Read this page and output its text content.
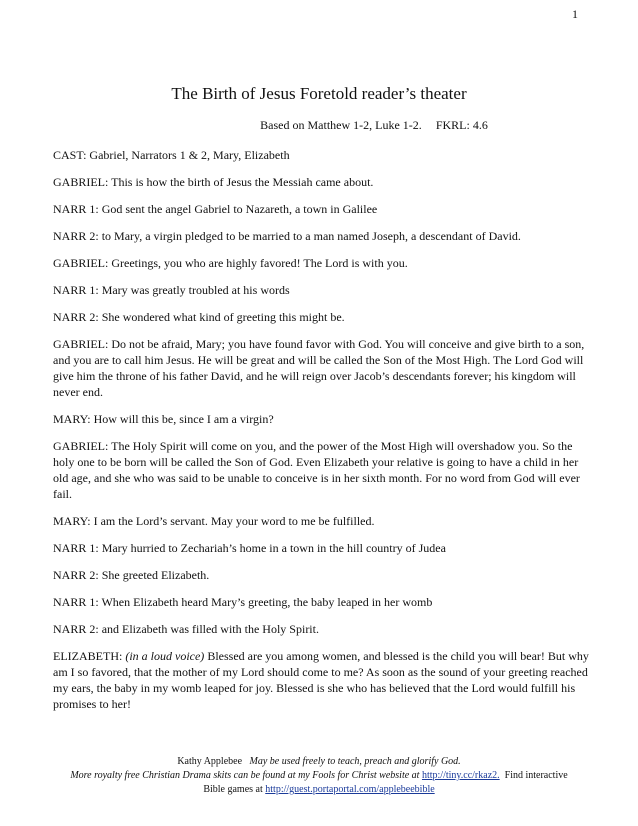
1
The Birth of Jesus Foretold reader’s theater
Based on Matthew 1-2, Luke 1-2. FKRL: 4.6

CAST: Gabriel, Narrators 1 & 2, Mary, Elizabeth

GABRIEL: This is how the birth of Jesus the Messiah came about.

NARR 1: God sent the angel Gabriel to Nazareth, a town in Galilee

NARR 2: to Mary, a virgin pledged to be married to a man named Joseph, a descendant of David.

GABRIEL: Greetings, you who are highly favored! The Lord is with you.

NARR 1: Mary was greatly troubled at his words

NARR 2: She wondered what kind of greeting this might be.

GABRIEL: Do not be afraid, Mary; you have found favor with God. You will conceive and give birth to a son, and you are to call him Jesus. He will be great and will be called the Son of the Most High. The Lord God will give him the throne of his father David, and he will reign over Jacob’s descendants forever; his kingdom will never end.

MARY: How will this be, since I am a virgin?

GABRIEL: The Holy Spirit will come on you, and the power of the Most High will overshadow you. So the holy one to be born will be called the Son of God. Even Elizabeth your relative is going to have a child in her old age, and she who was said to be unable to conceive is in her sixth month. For no word from God will ever fail.

MARY: I am the Lord’s servant. May your word to me be fulfilled.

NARR 1: Mary hurried to Zechariah’s home in a town in the hill country of Judea

NARR 2: She greeted Elizabeth.

NARR 1: When Elizabeth heard Mary’s greeting, the baby leaped in her womb

NARR 2: and Elizabeth was filled with the Holy Spirit.

ELIZABETH: (in a loud voice) Blessed are you among women, and blessed is the child you will bear! But why am I so favored, that the mother of my Lord should come to me? As soon as the sound of your greeting reached my ears, the baby in my womb leaped for joy. Blessed is she who has believed that the Lord would fulfill his promises to her!

Kathy Applebee May be used freely to teach, preach and glorify God.
More royalty free Christian Drama skits can be found at my Fools for Christ website at http://tiny.cc/rkaz2. Find interactive
Bible games at http://guest.portaportal.com/applebeebible
